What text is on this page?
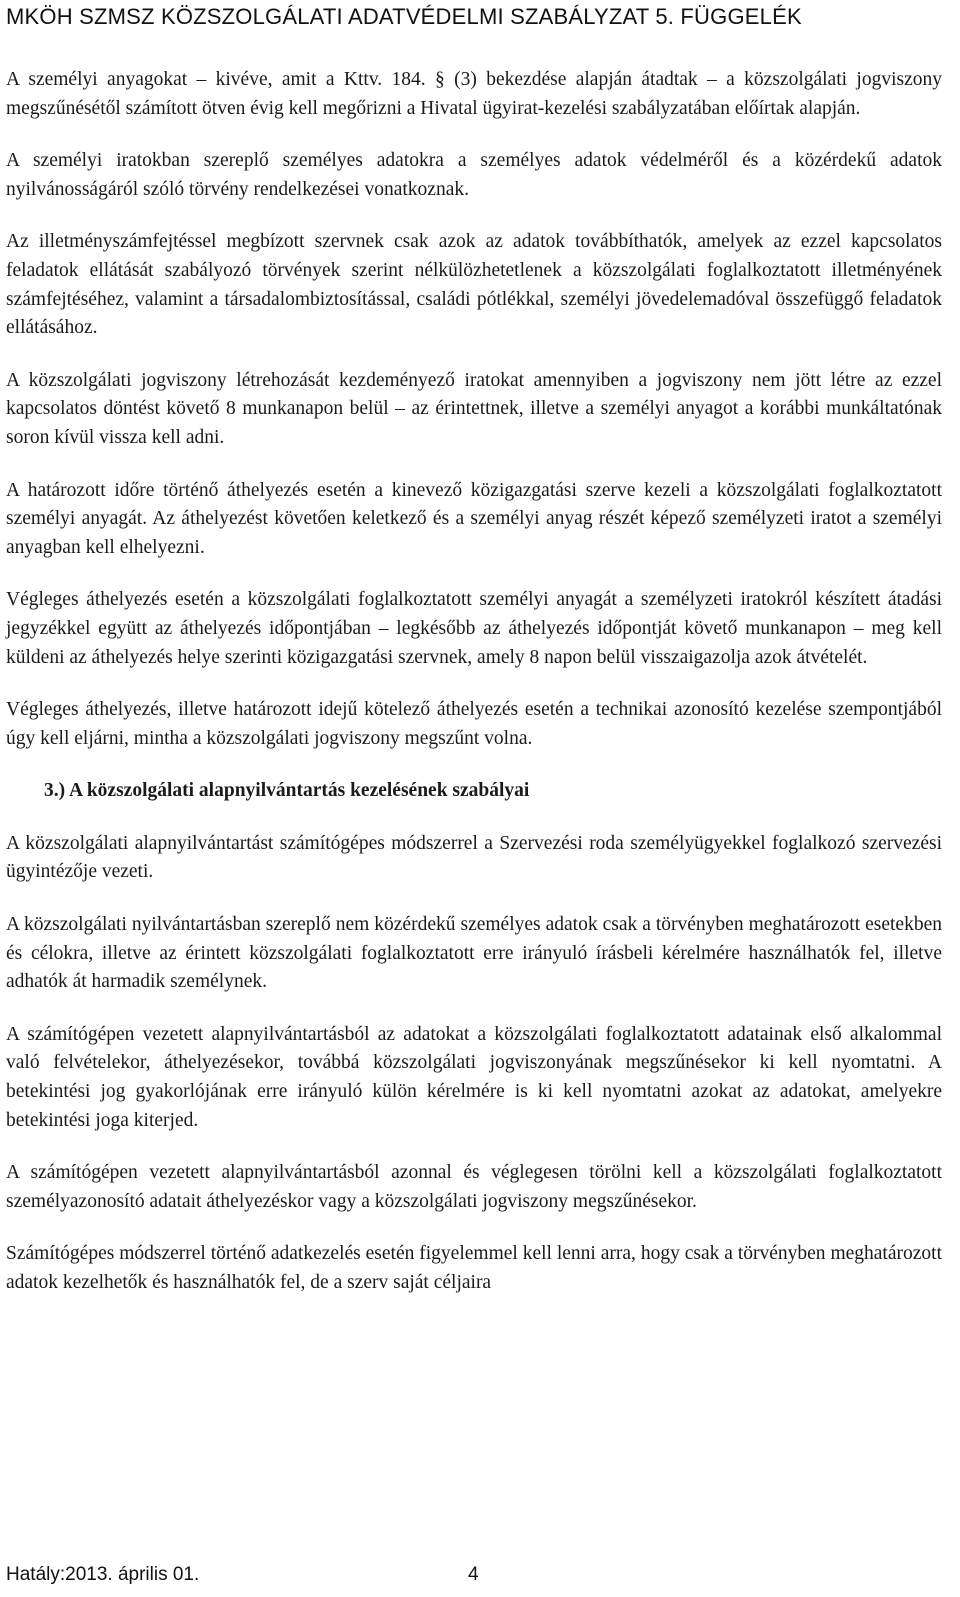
MKÖH SZMSZ KÖZSZOLGÁLATI ADATVÉDELMI SZABÁLYZAT 5. FÜGGELÉK

A személyi anyagokat – kivéve, amit a Kttv. 184. § (3) bekezdése alapján átadtak – a közszolgálati jogviszony megszűnésétől számított ötven évig kell megőrizni a Hivatal ügyirat-kezelési szabályzatában előírtak alapján.

A személyi iratokban szereplő személyes adatokra a személyes adatok védelméről és a közérdekű adatok nyilvánosságáról szóló törvény rendelkezései vonatkoznak.

Az illetményszámfejtéssel megbízott szervnek csak azok az adatok továbbíthatók, amelyek az ezzel kapcsolatos feladatok ellátását szabályozó törvények szerint nélkülözhetetlenek a közszolgálati foglalkoztatott illetményének számfejtéséhez, valamint a társadalombiztosítással, családi pótlékkal, személyi jövedelemadóval összefüggő feladatok ellátásához.

A közszolgálati jogviszony létrehozását kezdeményező iratokat amennyiben a jogviszony nem jött létre az ezzel kapcsolatos döntést követő 8 munkanapon belül – az érintettnek, illetve a személyi anyagot a korábbi munkáltatónak soron kívül vissza kell adni.

A határozott időre történő áthelyezés esetén a kinevező közigazgatási szerve kezeli a közszolgálati foglalkoztatott személyi anyagát. Az áthelyezést követően keletkező és a személyi anyag részét képező személyzeti iratot a személyi anyagban kell elhelyezni.

Végleges áthelyezés esetén a közszolgálati foglalkoztatott személyi anyagát a személyzeti iratokról készített átadási jegyzékkel együtt az áthelyezés időpontjában – legkésőbb az áthelyezés időpontját követő munkanapon – meg kell küldeni az áthelyezés helye szerinti közigazgatási szervnek, amely 8 napon belül visszaigazolja azok átvételét.

Végleges áthelyezés, illetve határozott idejű kötelező áthelyezés esetén a technikai azonosító kezelése szempontjából úgy kell eljárni, mintha a közszolgálati jogviszony megszűnt volna.

3.) A közszolgálati alapnyilvántartás kezelésének szabályai

A közszolgálati alapnyilvántartást számítógépes módszerrel a Szervezési roda személyügyekkel foglalkozó szervezési ügyintézője vezeti.

A közszolgálati nyilvántartásban szereplő nem közérdekű személyes adatok csak a törvényben meghatározott esetekben és célokra, illetve az érintett közszolgálati foglalkoztatott erre irányuló írásbeli kérelmére használhatók fel, illetve adhatók át harmadik személynek.

A számítógépen vezetett alapnyilvántartásból az adatokat a közszolgálati foglalkoztatott adatainak első alkalommal való felvételekor, áthelyezésekor, továbbá közszolgálati jogviszonyának megszűnésekor ki kell nyomtatni. A betekintési jog gyakorlójának erre irányuló külön kérelmére is ki kell nyomtatni azokat az adatokat, amelyekre betekintési joga kiterjed.

A számítógépen vezetett alapnyilvántartásból azonnal és véglegesen törölni kell a közszolgálati foglalkoztatott személyazonosító adatait áthelyezéskor vagy a közszolgálati jogviszony megszűnésekor.

Számítógépes módszerrel történő adatkezelés esetén figyelemmel kell lenni arra, hogy csak a törvényben meghatározott adatok kezelhetők és használhatók fel, de a szerv saját céljaira

Hatály:2013. április 01.	4
